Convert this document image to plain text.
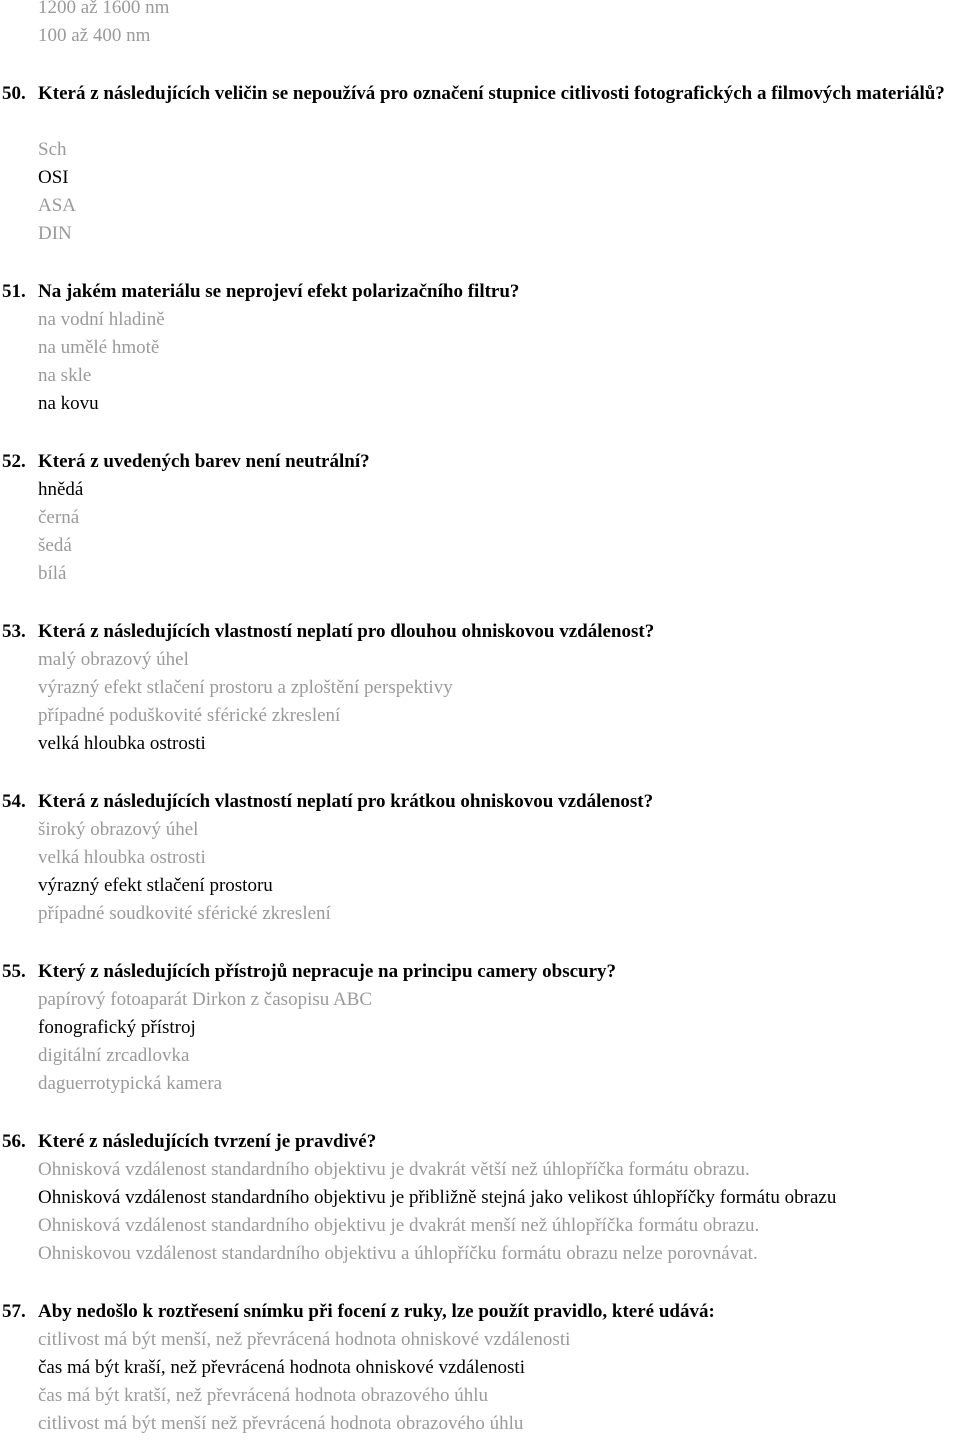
1200 až 1600 nm
100 až 400 nm
50. Která z následujících veličin se nepoužívá pro označení stupnice citlivosti fotografických a filmových materiálů?
Sch
OSI
ASA
DIN
51. Na jakém materiálu se neprojeví efekt polarizačního filtru?
na vodní hladině
na umělé hmotě
na skle
na kovu
52. Která z uvedených barev není neutrální?
hnědá
černá
šedá
bílá
53. Která z následujících vlastností neplatí pro dlouhou ohniskovou vzdálenost?
malý obrazový úhel
výrazný efekt stlačení prostoru a zploštění perspektivy
případné poduškovité sférické zkreslení
velká hloubka ostrosti
54. Která z následujících vlastností neplatí pro krátkou ohniskovou vzdálenost?
široký obrazový úhel
velká hloubka ostrosti
výrazný efekt stlačení prostoru
případné soudkovité sférické zkreslení
55. Který z následujících přístrojů nepracuje na principu camery obscury?
papírový fotoaparát Dirkon z časopisu ABC
fonografický přístroj
digitální zrcadlovka
daguerrotypická kamera
56. Které z následujících tvrzení je pravdivé?
Ohnisková vzdálenost standardního objektivu je dvakrát větší než úhlopříčka formátu obrazu.
Ohnisková vzdálenost standardního objektivu je přibližně stejná jako velikost úhlopříčky formátu obrazu
Ohnisková vzdálenost standardního objektivu je dvakrát menší než úhlopříčka formátu obrazu.
Ohniskovou vzdálenost standardního objektivu a úhlopříčku formátu obrazu nelze porovnávat.
57. Aby nedošlo k roztřesení snímku při focení z ruky, lze použít pravidlo, které udává:
citlivost má být menší, než převrácená hodnota ohniskové vzdálenosti
čas má být kraší, než převrácená hodnota ohniskové vzdálenosti
čas má být kratší, než převrácená hodnota obrazového úhlu
citlivost má být menší než převrácená hodnota obrazového úhlu
